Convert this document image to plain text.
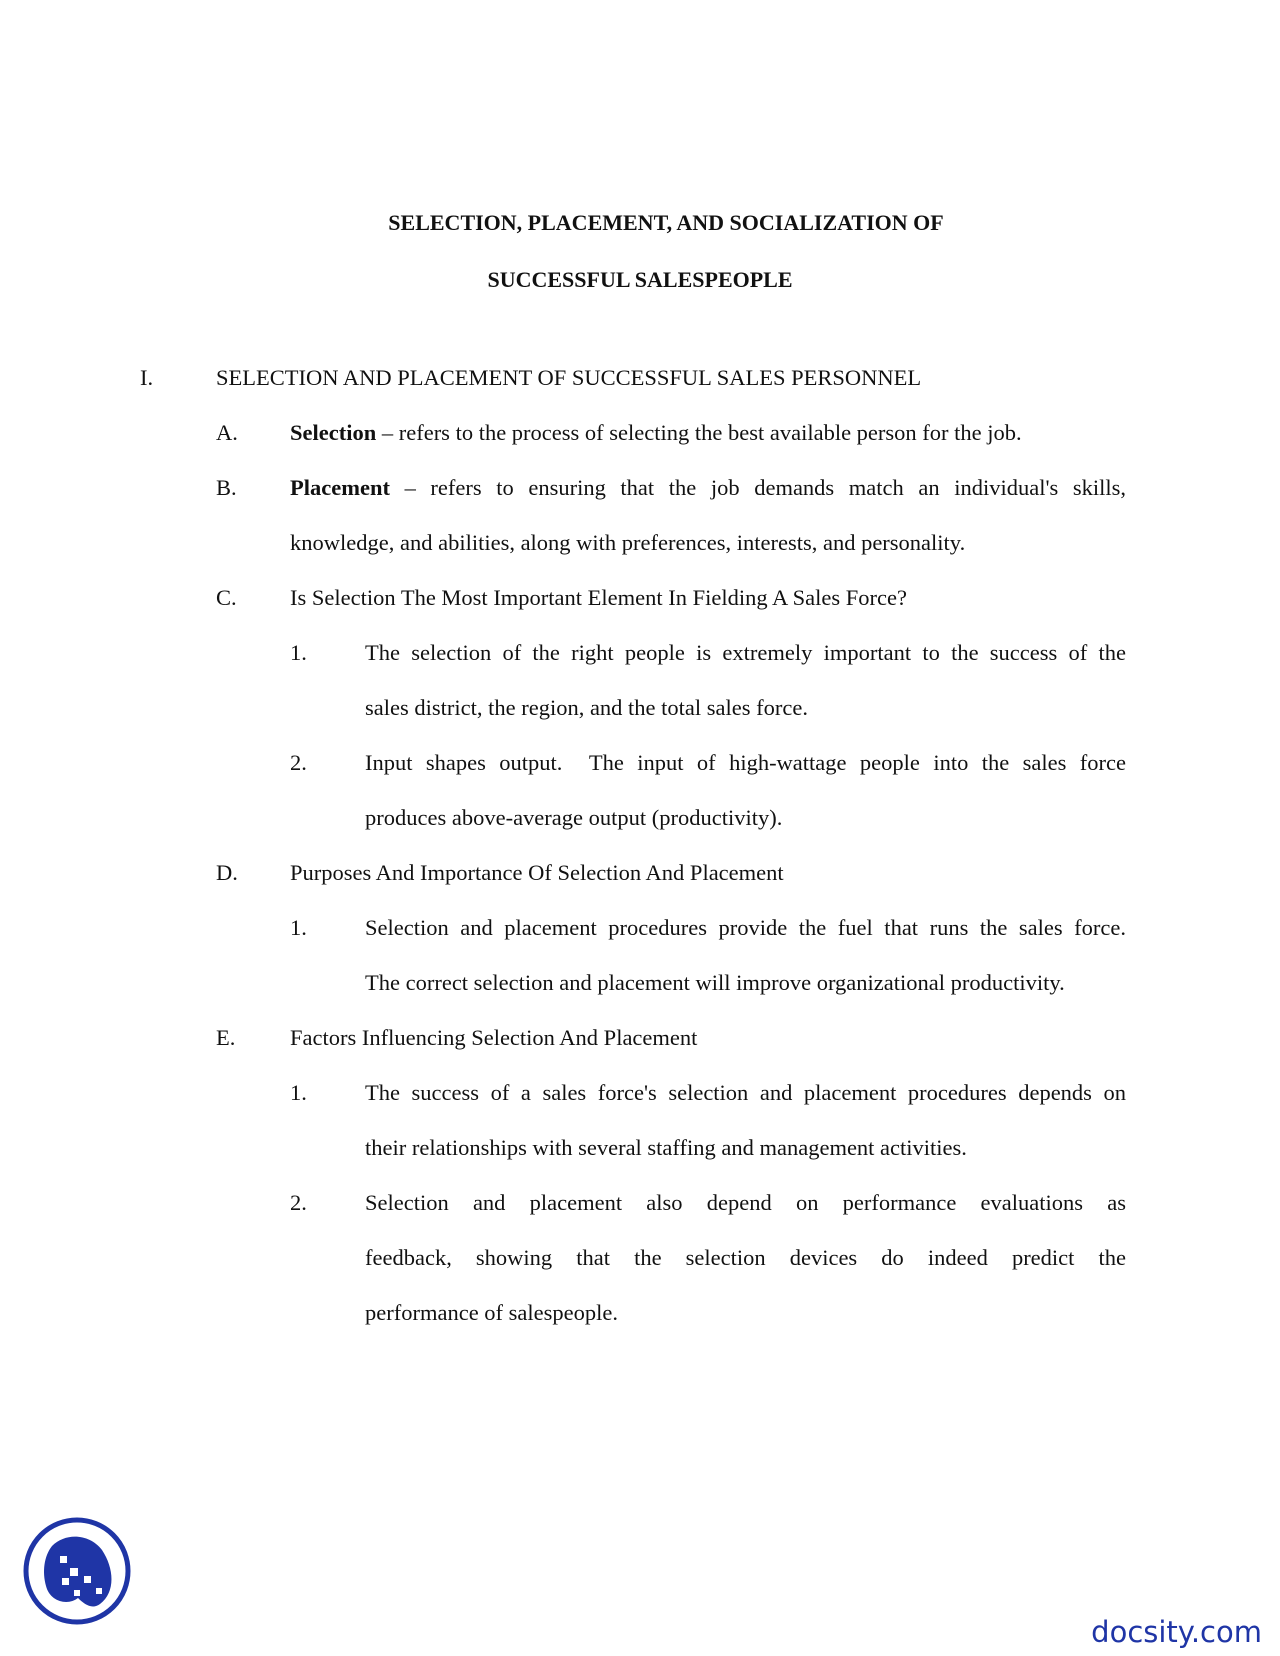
SELECTION, PLACEMENT, AND SOCIALIZATION OF

SUCCESSFUL SALESPEOPLE

I.	SELECTION AND PLACEMENT OF SUCCESSFUL SALES PERSONNEL
A. Selection – refers to the process of selecting the best available person for the job.
B. Placement – refers to ensuring that the job demands match an individual's skills,
knowledge, and abilities, along with preferences, interests, and personality.
C. Is Selection The Most Important Element In Fielding A Sales Force?
1.	The selection of the right people is extremely important to the success of the
sales district, the region, and the total sales force.
2.	Input shapes output.  The input of high-wattage people into the sales force
produces above-average output (productivity).
D. Purposes And Importance Of Selection And Placement
1.	Selection and placement procedures provide the fuel that runs the sales force.
The correct selection and placement will improve organizational productivity.
E. Factors Influencing Selection And Placement
1.	The success of a sales force's selection and placement procedures depends on
their relationships with several staffing and management activities.
2.	Selection and placement also depend on performance evaluations as
feedback, showing that the selection devices do indeed predict the
performance of salespeople.
docsity.com
